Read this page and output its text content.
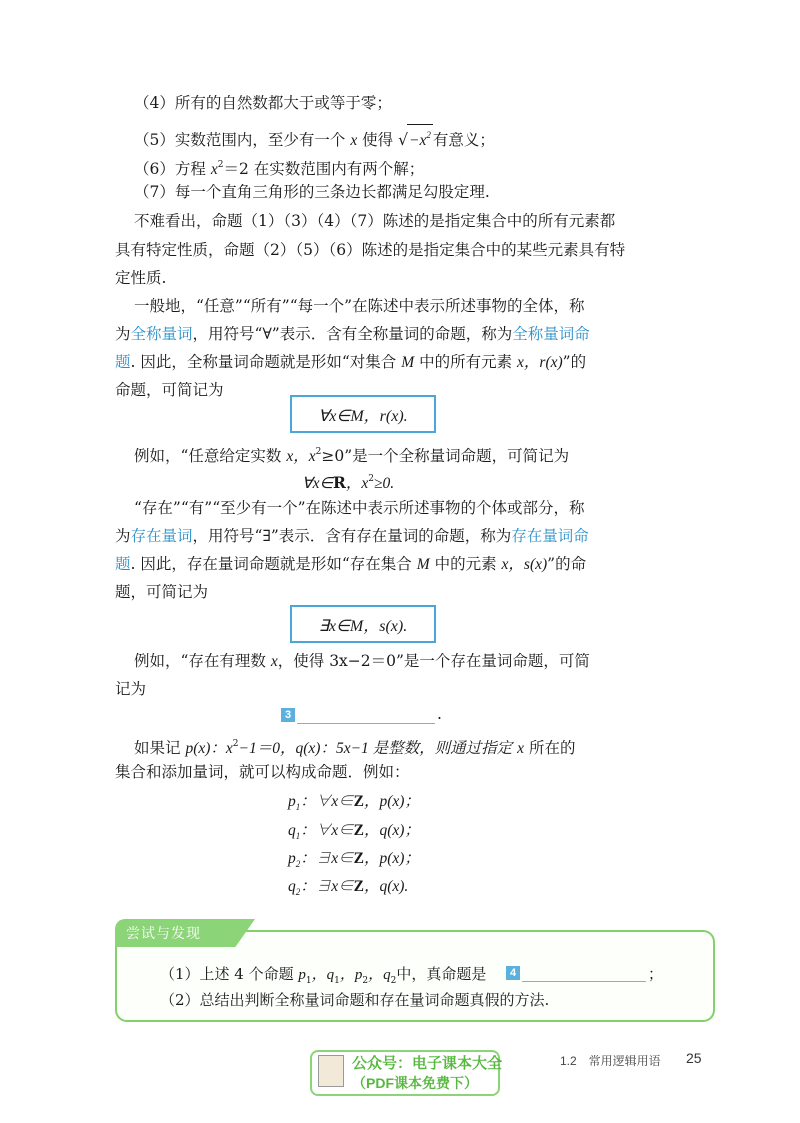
（4）所有的自然数都大于或等于零；
（5）实数范围内，至少有一个 x 使得 $√-x^2$ 有意义；
（6）方程 $x^2=2$ 在实数范围内有两个解；
（7）每一个直角三角形的三条边长都满足勾股定理.
不难看出，命题（1）（3）（4）（7）陈述的是指定集合中的所有元素都
具有特定性质，命题（2）（5）（6）陈述的是指定集合中的某些元素具有特
定性质.
一般地，“任意”“所有”“每一个”在陈述中表示所述事物的全体，称
为全称量词，用符号“∀”表示．含有全称量词的命题，称为全称量词命
题. 因此，全称量词命题就是形如“对集合 M 中的所有元素 x，r(x)”的
命题，可简记为
∀x∈M，r(x).
例如，“任意给定实数 x，$x^2\ge 0$”是一个全称量词命题，可简记为
∀x∈R，$x^2\ge 0$.
“存在”“有”“至少有一个”在陈述中表示所述事物的个体或部分，称
为存在量词，用符号“∃”表示．含有存在量词的命题，称为存在量词命
题. 因此，存在量词命题就是形如“存在集合 M 中的元素 x，s(x)”的命
题，可简记为
∃x∈M，s(x).
例如，“存在有理数 x，使得 3x−2＝0”是一个存在量词命题，可简
记为
3	.
如果记 p(x)：$x^2-1=0$，q(x)：5x−1 是整数，则通过指定 x 所在的
集合和添加量词，就可以构成命题．例如：
$p_1$：∀x∈Z，p(x)；
$q_1$：∀x∈Z，q(x)；
$p_2$：∃x∈Z，p(x)；
$q_2$：∃x∈Z，q(x).
尝试与发现
（1）上述 4 个命题 $p_1$，$q_1$，$p_2$，$q_2$中，真命题是	4	；
（2）总结出判断全称量词命题和存在量词命题真假的方法.
1.2　常用逻辑用语 25
公众号：电子课本大全
（PDF课本免费下）
